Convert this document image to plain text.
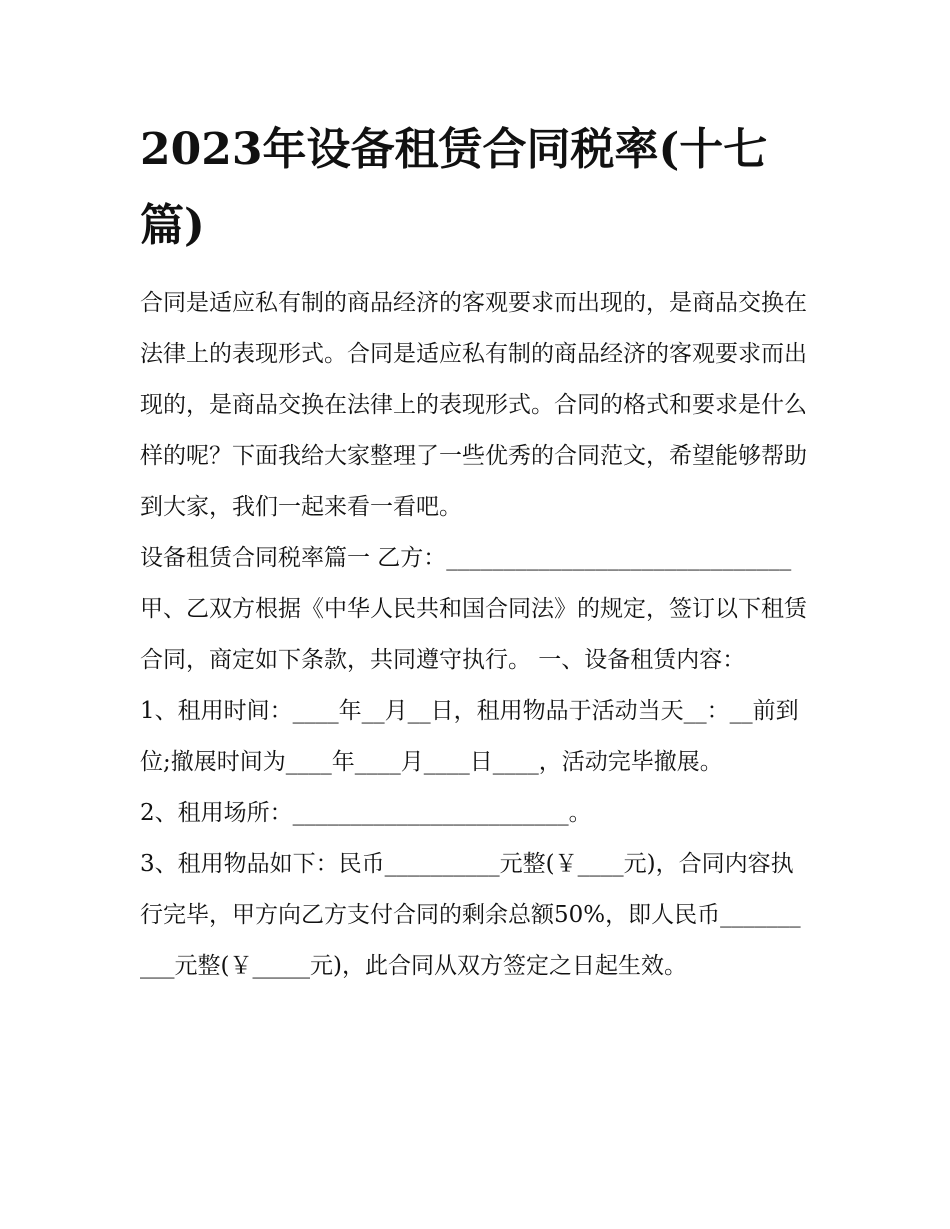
2023年设备租赁合同税率(十七篇)

合同是适应私有制的商品经济的客观要求而出现的，是商品交换在法律上的表现形式。合同是适应私有制的商品经济的客观要求而出现的，是商品交换在法律上的表现形式。合同的格式和要求是什么样的呢？下面我给大家整理了一些优秀的合同范文，希望能够帮助到大家，我们一起来看一看吧。

设备租赁合同税率篇一 乙方：______________________________甲、乙双方根据《中华人民共和国合同法》的规定，签订以下租赁合同，商定如下条款，共同遵守执行。 一、设备租赁内容：

1、租用时间：____年__月__日，租用物品于活动当天__：__前到位;撤展时间为____年____月____日____，活动完毕撤展。

2、租用场所：________________________。

3、租用物品如下：民币__________元整(￥____元)，合同内容执行完毕，甲方向乙方支付合同的剩余总额50%，即人民币__________元整(￥_____元)，此合同从双方签定之日起生效。
